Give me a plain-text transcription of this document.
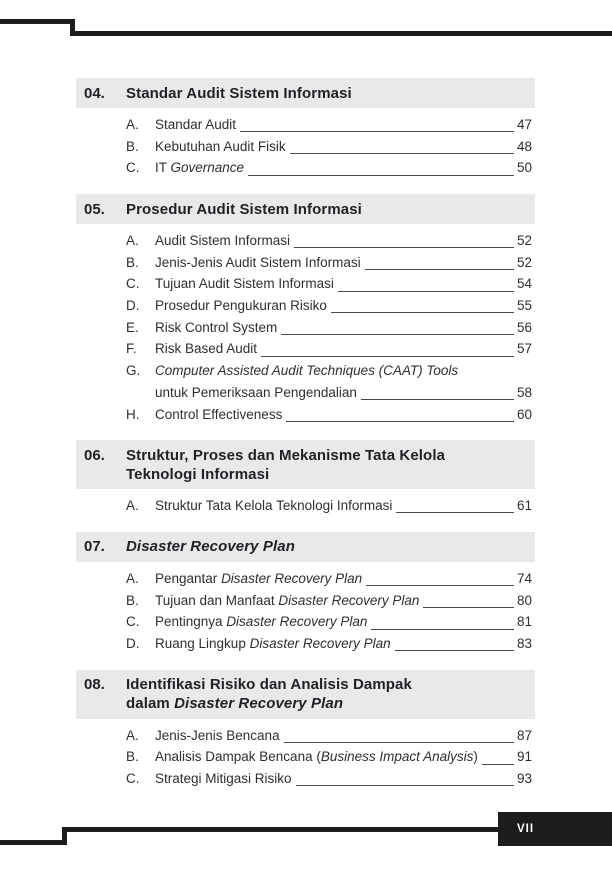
04.	Standar Audit Sistem Informasi
A.	Standar Audit	47
B.	Kebutuhan Audit Fisik	48
C.	IT Governance	50
05.	Prosedur Audit Sistem Informasi
A.	Audit Sistem Informasi	52
B.	Jenis-Jenis Audit Sistem Informasi	52
C.	Tujuan Audit Sistem Informasi	54
D.	Prosedur Pengukuran Risiko	55
E.	Risk Control System	56
F.	Risk Based Audit	57
G.	Computer Assisted Audit Techniques (CAAT) Tools
untuk Pemeriksaan Pengendalian	58
H.	Control Effectiveness	60
06.	Struktur, Proses dan Mekanisme Tata Kelola
Teknologi Informasi
A.	Struktur Tata Kelola Teknologi Informasi	61
07.	Disaster Recovery Plan
A.	Pengantar Disaster Recovery Plan	74
B.	Tujuan dan Manfaat Disaster Recovery Plan	80
C.	Pentingnya Disaster Recovery Plan	81
D.	Ruang Lingkup Disaster Recovery Plan	83
08.	Identifikasi Risiko dan Analisis Dampak
dalam Disaster Recovery Plan
A.	Jenis-Jenis Bencana	87
B.	Analisis Dampak Bencana (Business Impact Analysis)	91
C.	Strategi Mitigasi Risiko	93
VII
